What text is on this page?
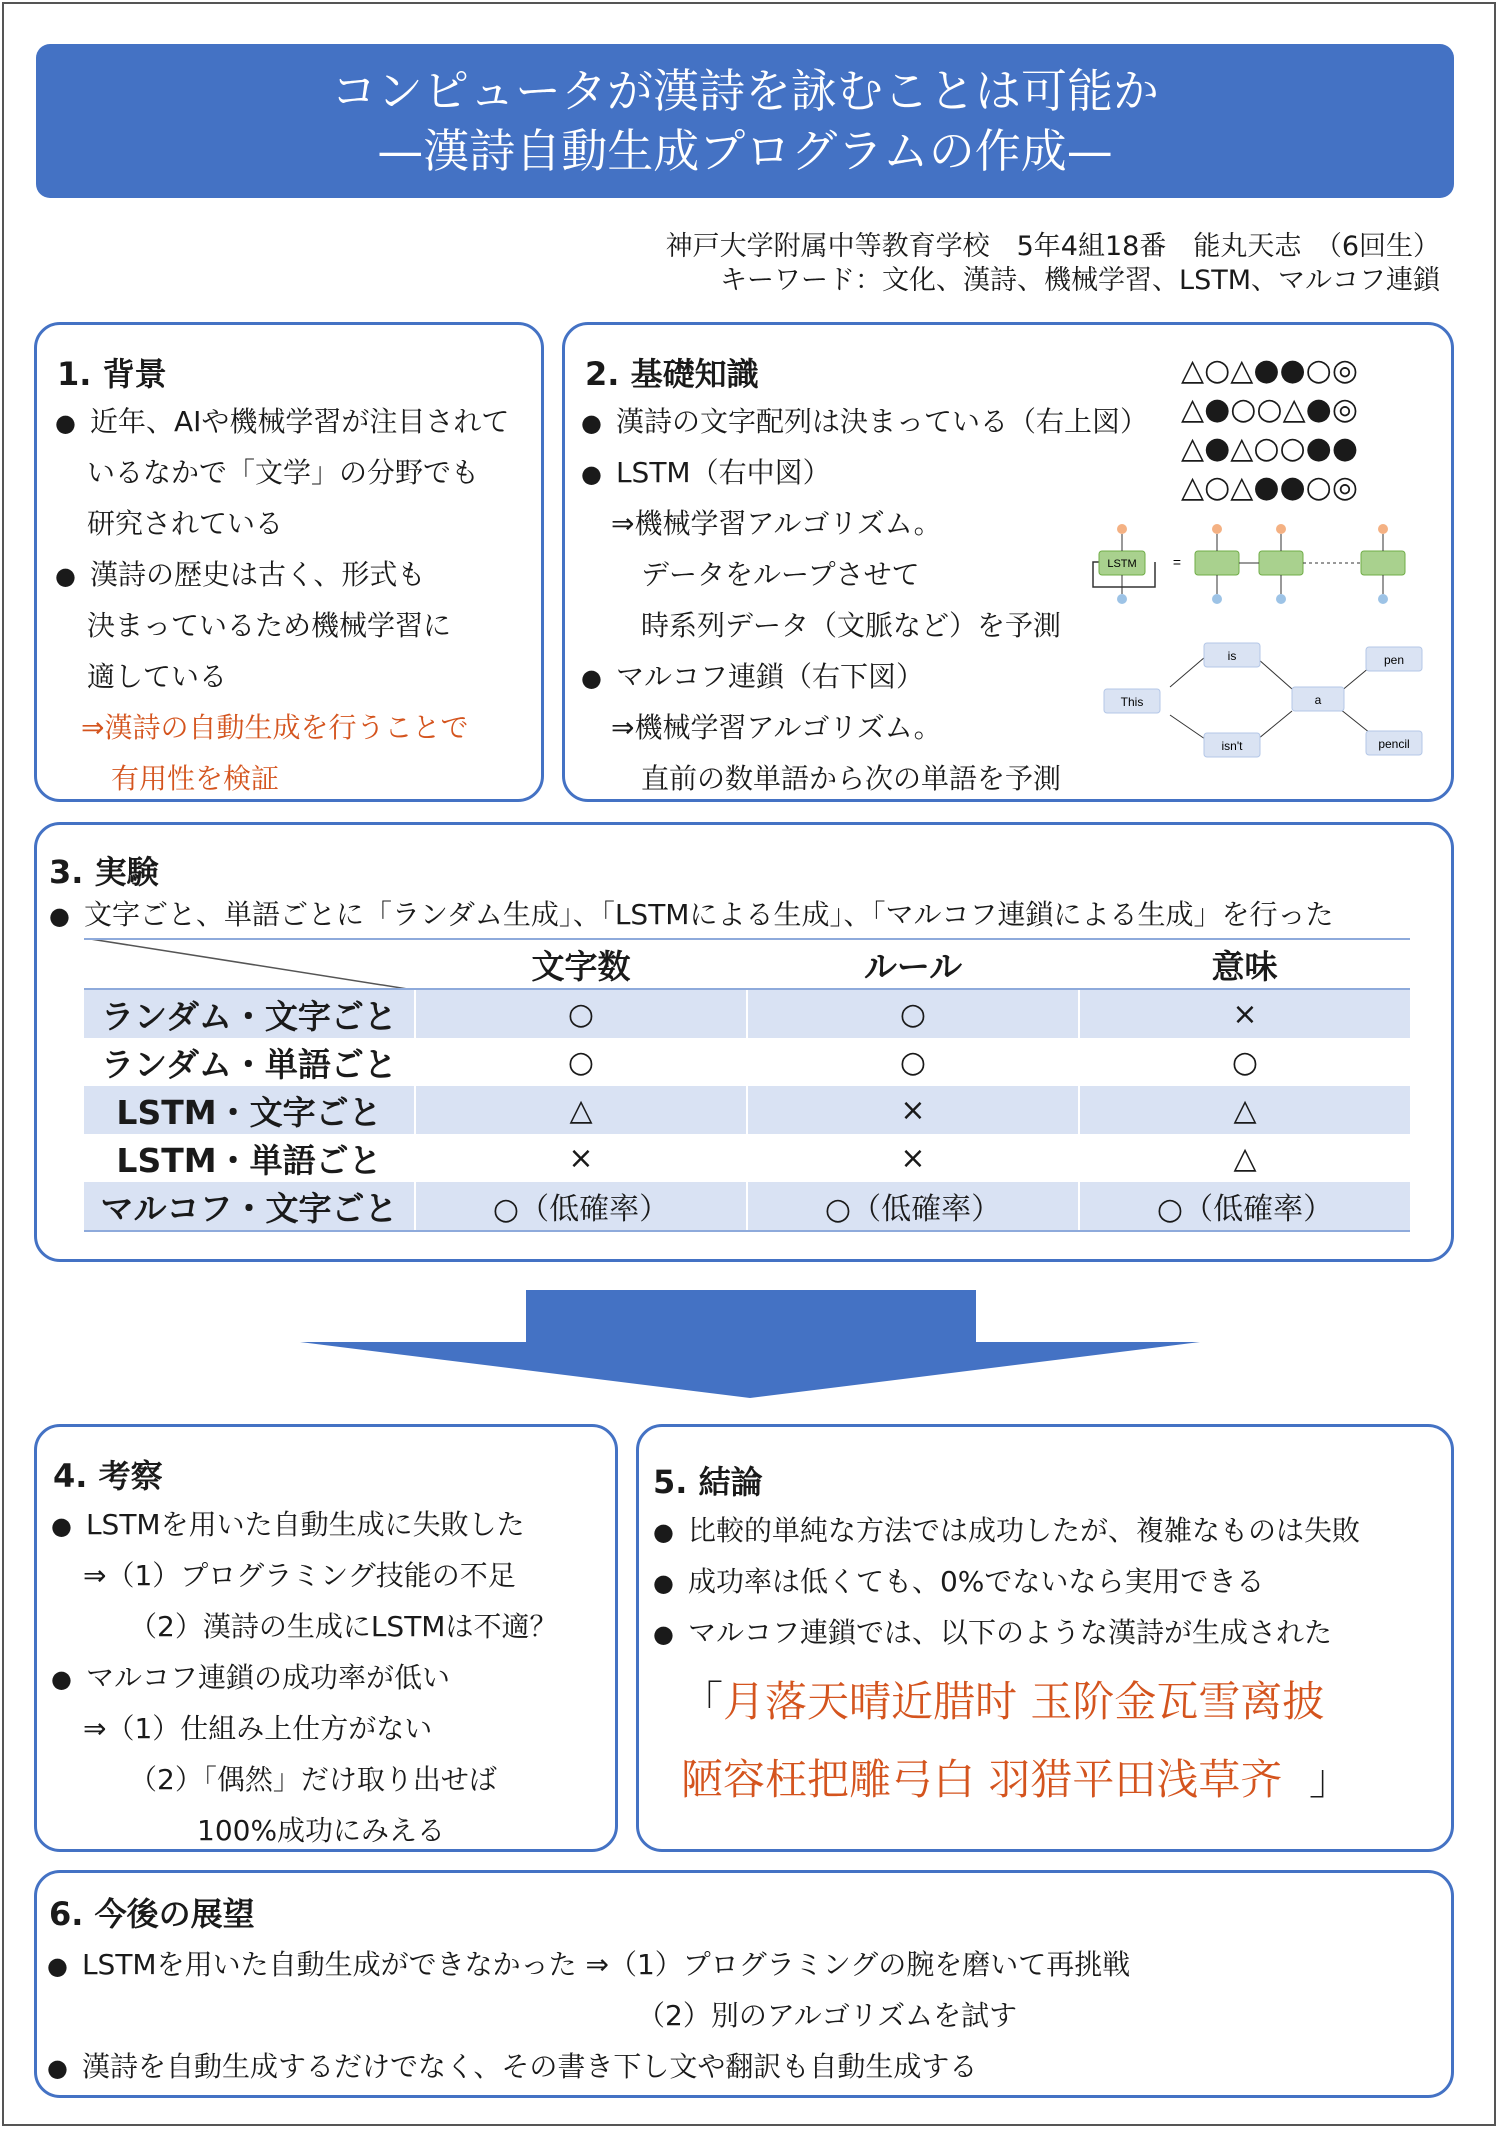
コンピュータが漢詩を詠むことは可能か
—漢詩自動生成プログラムの作成—
神戸大学附属中等教育学校　5年4組18番　能丸天志　（6回生）
キーワード：文化、漢詩、機械学習、LSTM、マルコフ連鎖
1. 背景
● 近年、AIや機械学習が注目されて
いるなかで「文学」の分野でも
研究されている
● 漢詩の歴史は古く、形式も
決まっているため機械学習に
適している
⇒漢詩の自動生成を行うことで
有用性を検証
2. 基礎知識
● 漢詩の文字配列は決まっている（右上図）
● LSTM（右中図）
⇒機械学習アルゴリズム。
データをループさせて
時系列データ（文脈など）を予測
● マルコフ連鎖（右下図）
⇒機械学習アルゴリズム。
直前の数単語から次の単語を予測
△○△●●○◎
△●○○△●◎
△●△○○●●
△○△●●○◎
LSTM	=
This
is
isn't
a
pen
pencil
3. 実験
● 文字ごと、単語ごとに「ランダム生成」、「LSTMによる生成」、「マルコフ連鎖による生成」を行った
	文字数	ルール	意味
ランダム・文字ごと	○	○	×
ランダム・単語ごと	○	○	○
LSTM・文字ごと	△	×	△
LSTM・単語ごと	×	×	△
マルコフ・文字ごと	○（低確率）	○（低確率）	○（低確率）
4. 考察
● LSTMを用いた自動生成に失敗した
⇒（1）プログラミング技能の不足
（2）漢詩の生成にLSTMは不適？
● マルコフ連鎖の成功率が低い
⇒（1）仕組み上仕方がない
（2）「偶然」だけ取り出せば
100%成功にみえる
5. 結論
● 比較的単純な方法では成功したが、複雑なものは失敗
● 成功率は低くても、0%でないなら実用できる
● マルコフ連鎖では、以下のような漢詩が生成された
「 月落天晴近腊时 玉阶金瓦雪离披
陋容枉把雕弓白 羽猎平田浅草齐 」
6. 今後の展望
● LSTMを用いた自動生成ができなかった ⇒（1）プログラミングの腕を磨いて再挑戦
（2）別のアルゴリズムを試す
● 漢詩を自動生成するだけでなく、その書き下し文や翻訳も自動生成する
